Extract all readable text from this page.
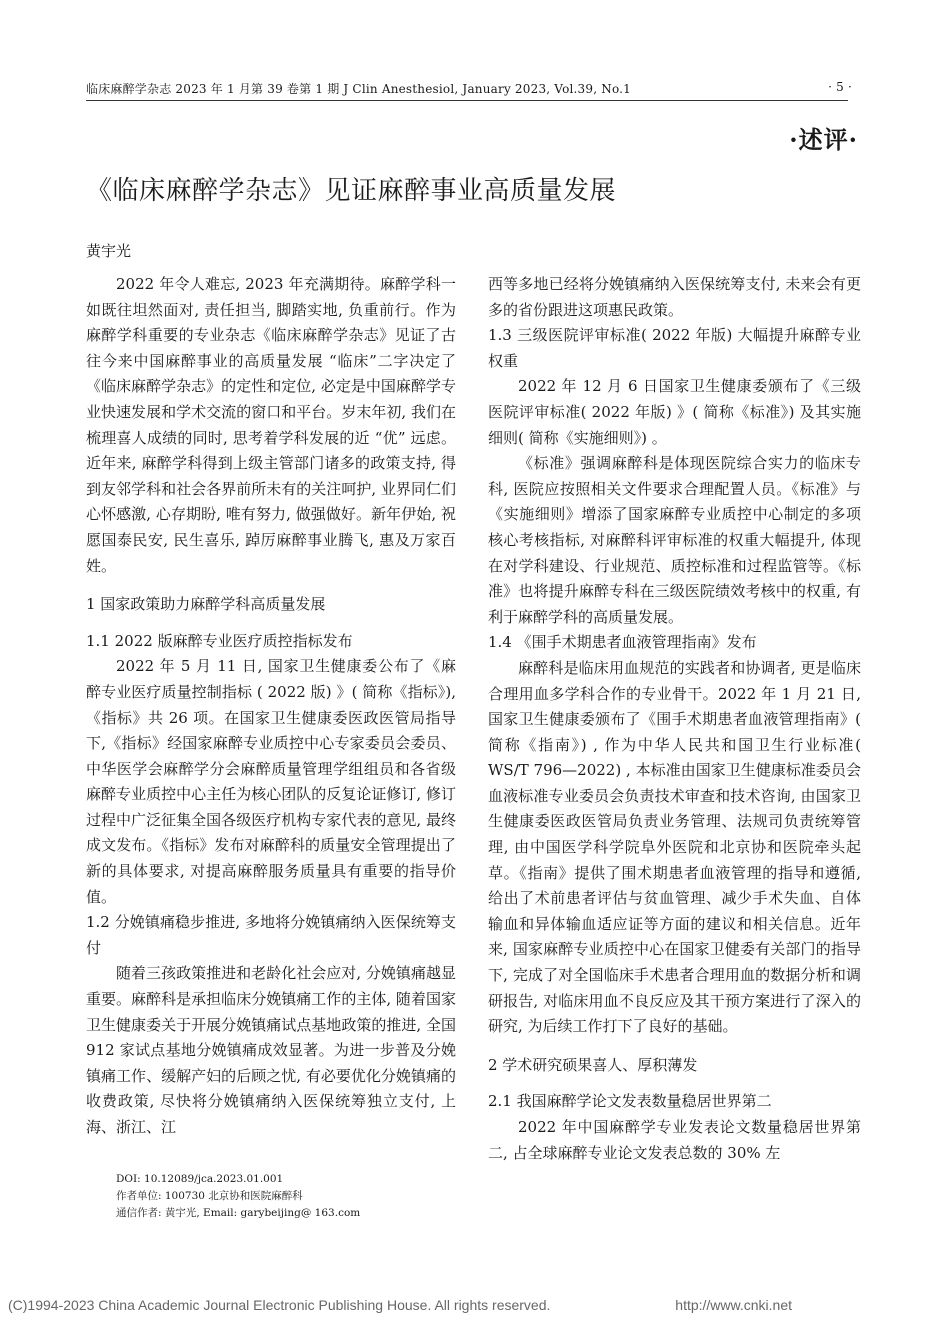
临床麻醉学杂志 2023 年 1 月第 39 卷第 1 期 J Clin Anesthesiol, January 2023, Vol.39, No.1	· 5 ·
·述评·
《临床麻醉学杂志》见证麻醉事业高质量发展
黄宇光

2022 年令人难忘, 2023 年充满期待。麻醉学科一如既往坦然面对, 责任担当, 脚踏实地, 负重前行。作为麻醉学科重要的专业杂志《临床麻醉学杂志》见证了古往今来中国麻醉事业的高质量发展 “临床”二字决定了《临床麻醉学杂志》的定性和定位, 必定是中国麻醉学专业快速发展和学术交流的窗口和平台。岁末年初, 我们在梳理喜人成绩的同时, 思考着学科发展的近 “优” 远虑。近年来, 麻醉学科得到上级主管部门诸多的政策支持, 得到友邻学科和社会各界前所未有的关注呵护, 业界同仁们心怀感激, 心存期盼, 唯有努力, 做强做好。新年伊始, 祝愿国泰民安, 民生喜乐, 踔厉麻醉事业腾飞, 惠及万家百姓。

1 国家政策助力麻醉学科高质量发展
1.1 2022 版麻醉专业医疗质控指标发布

2022 年 5 月 11 日, 国家卫生健康委公布了《麻醉专业医疗质量控制指标 ( 2022 版) 》( 简称《指标》),《指标》共 26 项。在国家卫生健康委医政医管局指导下,《指标》经国家麻醉专业质控中心专家委员会委员、中华医学会麻醉学分会麻醉质量管理学组组员和各省级麻醉专业质控中心主任为核心团队的反复论证修订, 修订过程中广泛征集全国各级医疗机构专家代表的意见, 最终成文发布。《指标》发布对麻醉科的质量安全管理提出了新的具体要求, 对提高麻醉服务质量具有重要的指导价值。

1.2 分娩镇痛稳步推进, 多地将分娩镇痛纳入医保统筹支付

随着三孩政策推进和老龄化社会应对, 分娩镇痛越显重要。麻醉科是承担临床分娩镇痛工作的主体, 随着国家卫生健康委关于开展分娩镇痛试点基地政策的推进, 全国 912 家试点基地分娩镇痛成效显著。为进一步普及分娩镇痛工作、缓解产妇的后顾之忧, 有必要优化分娩镇痛的收费政策, 尽快将分娩镇痛纳入医保统筹独立支付, 上海、浙江、江

西等多地已经将分娩镇痛纳入医保统筹支付, 未来会有更多的省份跟进这项惠民政策。

1.3 三级医院评审标准( 2022 年版) 大幅提升麻醉专业权重

2022 年 12 月 6 日国家卫生健康委颁布了《三级医院评审标准( 2022 年版) 》( 简称《标准》) 及其实施细则( 简称《实施细则》) 。

《标准》强调麻醉科是体现医院综合实力的临床专科, 医院应按照相关文件要求合理配置人员。《标准》与《实施细则》增添了国家麻醉专业质控中心制定的多项核心考核指标, 对麻醉科评审标准的权重大幅提升, 体现在对学科建设、行业规范、质控标准和过程监管等。《标准》也将提升麻醉专科在三级医院绩效考核中的权重, 有利于麻醉学科的高质量发展。

1.4 《围手术期患者血液管理指南》发布

麻醉科是临床用血规范的实践者和协调者, 更是临床合理用血多学科合作的专业骨干。2022 年 1 月 21 日, 国家卫生健康委颁布了《围手术期患者血液管理指南》( 简称《指南》) , 作为中华人民共和国卫生行业标准( WS/T 796—2022) , 本标准由国家卫生健康标准委员会血液标准专业委员会负责技术审查和技术咨询, 由国家卫生健康委医政医管局负责业务管理、法规司负责统筹管理, 由中国医学科学院阜外医院和北京协和医院牵头起草。《指南》提供了围术期患者血液管理的指导和遵循, 给出了术前患者评估与贫血管理、减少手术失血、自体输血和异体输血适应证等方面的建议和相关信息。近年来, 国家麻醉专业质控中心在国家卫健委有关部门的指导下, 完成了对全国临床手术患者合理用血的数据分析和调研报告, 对临床用血不良反应及其干预方案进行了深入的研究, 为后续工作打下了良好的基础。

2 学术研究硕果喜人、厚积薄发
2.1 我国麻醉学论文发表数量稳居世界第二

2022 年中国麻醉学专业发表论文数量稳居世界第二, 占全球麻醉专业论文发表总数的 30% 左

DOI: 10.12089/jca.2023.01.001
作者单位: 100730 北京协和医院麻醉科
通信作者: 黄宇光, Email: garybeijing@ 163.com
(C)1994-2023 China Academic Journal Electronic Publishing House. All rights reserved.	http://www.cnki.net
